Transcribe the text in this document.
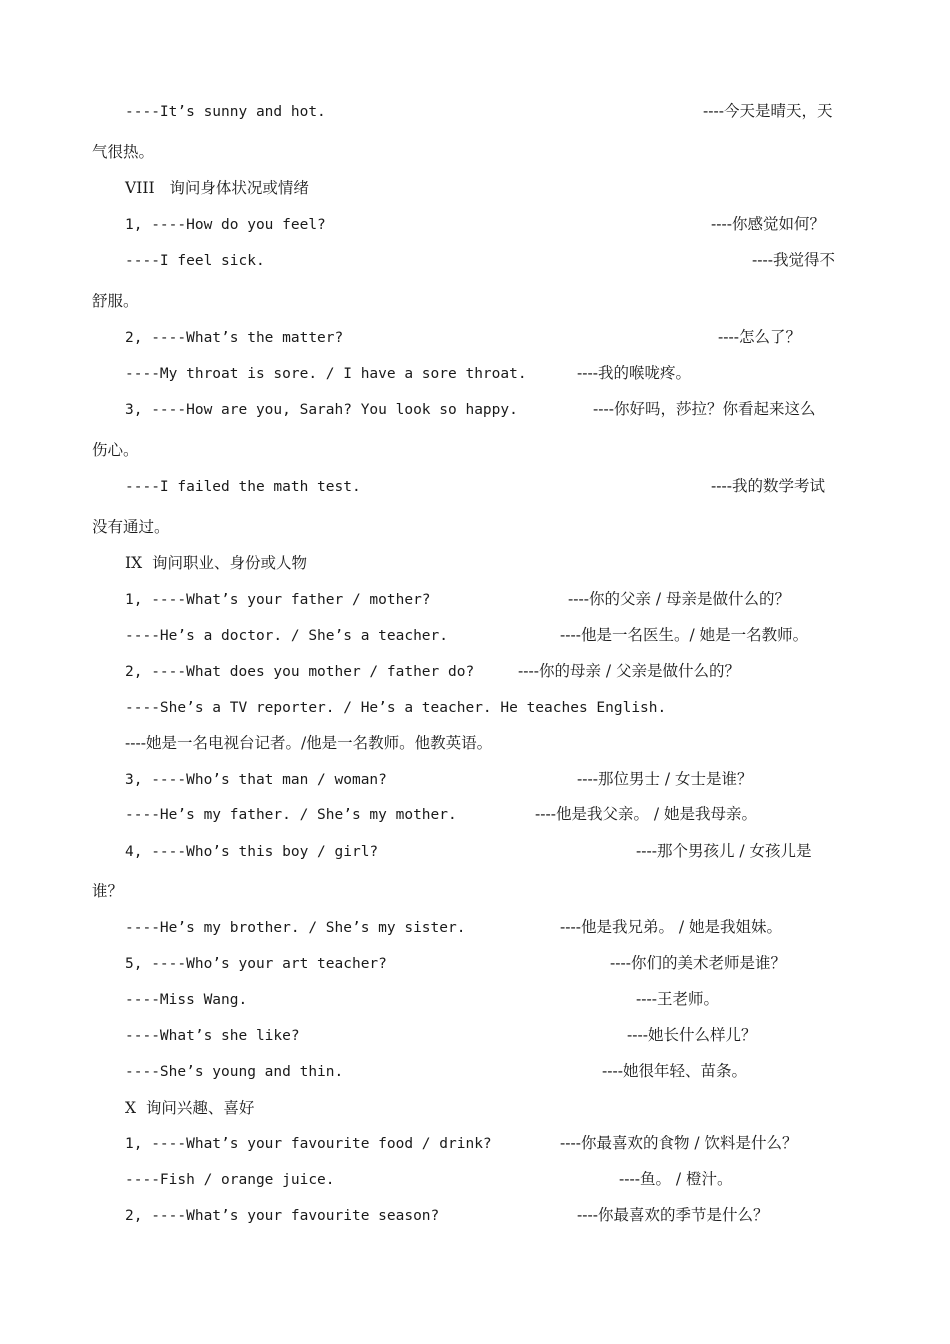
----It’s sunny and hot.	----今天是晴天，天
气很热。
VIII   询问身体状况或情绪
1, ----How do you feel?	----你感觉如何？
----I feel sick.	----我觉得不
舒服。
2, ----What’s the matter?	----怎么了？
----My throat is sore. / I have a sore throat.	----我的喉咙疼。
3, ----How are you, Sarah? You look so happy.	----你好吗，莎拉？你看起来这么
伤心。
----I failed the math test.	----我的数学考试
没有通过。
IX  询问职业、身份或人物
1, ----What’s your father / mother?	----你的父亲 / 母亲是做什么的？
----He’s a doctor. / She’s a teacher.	----他是一名医生。/ 她是一名教师。
2, ----What does you mother / father do?	----你的母亲 / 父亲是做什么的？
----She’s a TV reporter. / He’s a teacher. He teaches English.
----她是一名电视台记者。/他是一名教师。他教英语。
3, ----Who’s that man / woman?	----那位男士 / 女士是谁？
----He’s my father. / She’s my mother.	----他是我父亲。 / 她是我母亲。
4, ----Who’s this boy / girl?	----那个男孩儿 / 女孩儿是
谁？
----He’s my brother. / She’s my sister.	----他是我兄弟。 / 她是我姐妹。
5, ----Who’s your art teacher?	----你们的美术老师是谁？
----Miss Wang.	----王老师。
----What’s she like?	----她长什么样儿？
----She’s young and thin.	----她很年轻、苗条。
X  询问兴趣、喜好
1, ----What’s your favourite food / drink?	----你最喜欢的食物 / 饮料是什么？
----Fish / orange juice.	----鱼。 / 橙汁。
2, ----What’s your favourite season?	----你最喜欢的季节是什么？
